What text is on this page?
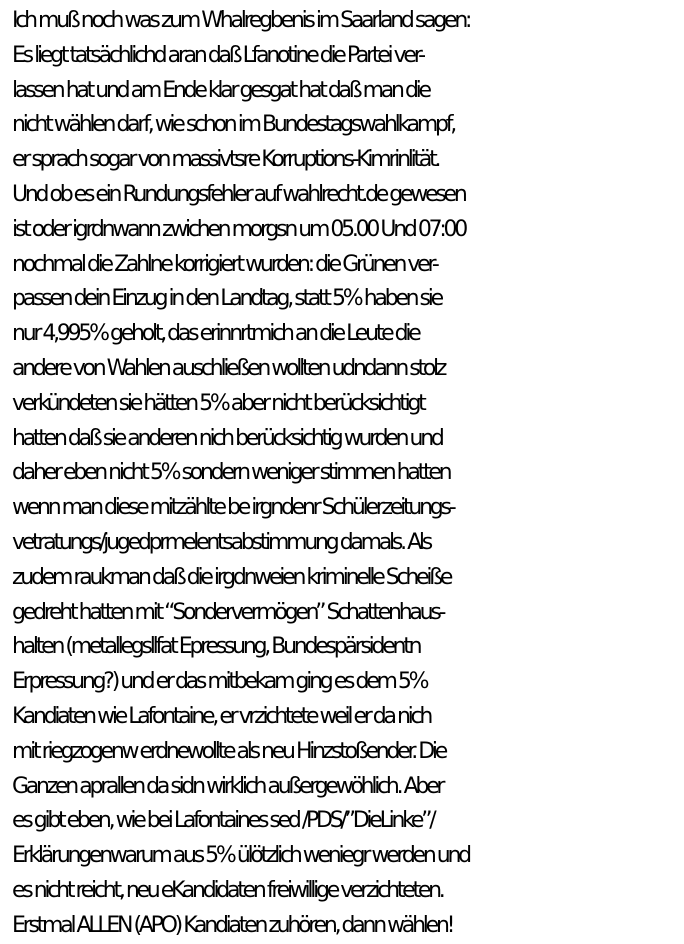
Ich muß noch was zum Whalregbenis im Saarland sagen:
Es liegt tatsächlichd aran daß Lfanotine die Partei ver-
lassen hat und am Ende klar gesgat hat daß man die
nicht wählen darf, wie schon im Bundestagswahlkampf,
er sprach sogar von massivtsre Korruptions-Kimrinlität.
Und ob es ein Rundungsfehler auf wahlrecht.de gewesen
ist oder igrdnwann zwichen morgsn um 05.00 Und 07:00
nochmal die Zahlne korrigiert wurden: die Grünen ver-
passen dein Einzug in den Landtag, statt 5% haben sie
nur 4,995% geholt, das erinnrtmich an die Leute die
andere von Wahlen auschließen wollten udndann stolz
verkündeten sie hätten 5% aber nicht berücksichtigt
hatten daß sie anderen nich berücksichtig wurden und
daher eben nicht 5% sondern weniger stimmen hatten
wenn man diese mitzählte be irgndenr Schülerzeitungs-
vetratungs/jugedprmelentsabstimmung damals. Als
zudem raukman daß die irgdnweien kriminelle Scheiße
gedreht hatten mit “Sondervermögen” Schattenhaus-
halten (metallegsllfat Epressung, Bundespärsidentn
Erpressung?) und er das mitbekam ging es dem 5%
Kandiaten wie Lafontaine, er vrzichtete weil er da nich
mit riegzogenw erdnewollte als neu Hinzstoßender. Die
Ganzen aprallen da sidn wirklich außergewöhlich. Aber
es gibt eben, wie bei Lafontaines sed /PDS/”DieLinke”/
Erklärungenwarum aus 5% ülötzlich weniegr werden und
es nicht reicht, neu eKandidaten freiwillige verzichteten.
Erstmal ALLEN (APO) Kandiaten zuhören, dann wählen!
